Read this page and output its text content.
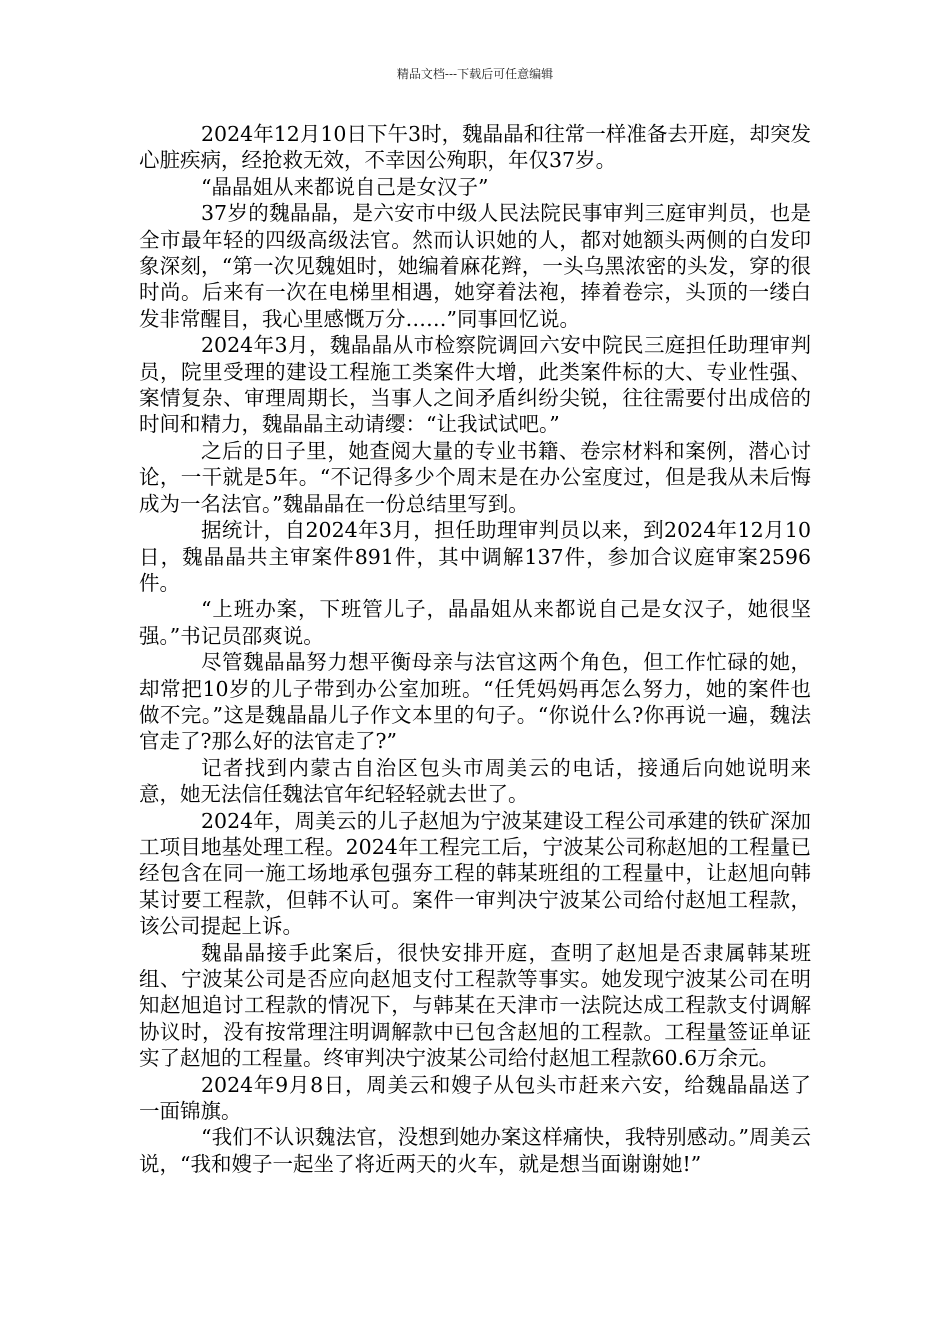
精品文档---下载后可任意编辑

2024年12月10日下午3时，魏晶晶和往常一样准备去开庭，却突发心脏疾病，经抢救无效，不幸因公殉职，年仅37岁。

“晶晶姐从来都说自己是女汉子”

37岁的魏晶晶，是六安市中级人民法院民事审判三庭审判员，也是全市最年轻的四级高级法官。然而认识她的人，都对她额头两侧的白发印象深刻，“第一次见魏姐时，她编着麻花辫，一头乌黑浓密的头发，穿的很时尚。后来有一次在电梯里相遇，她穿着法袍，捧着卷宗，头顶的一缕白发非常醒目，我心里感慨万分……”同事回忆说。

2024年3月，魏晶晶从市检察院调回六安中院民三庭担任助理审判员，院里受理的建设工程施工类案件大增，此类案件标的大、专业性强、案情复杂、审理周期长，当事人之间矛盾纠纷尖锐，往往需要付出成倍的时间和精力，魏晶晶主动请缨：“让我试试吧。”

之后的日子里，她查阅大量的专业书籍、卷宗材料和案例，潜心讨论，一干就是5年。“不记得多少个周末是在办公室度过，但是我从未后悔成为一名法官。”魏晶晶在一份总结里写到。

据统计，自2024年3月，担任助理审判员以来，到2024年12月10日，魏晶晶共主审案件891件，其中调解137件，参加合议庭审案2596件。

“上班办案，下班管儿子，晶晶姐从来都说自己是女汉子，她很坚强。”书记员邵爽说。

尽管魏晶晶努力想平衡母亲与法官这两个角色，但工作忙碌的她，却常把10岁的儿子带到办公室加班。“任凭妈妈再怎么努力，她的案件也做不完。”这是魏晶晶儿子作文本里的句子。“你说什么?你再说一遍，魏法官走了?那么好的法官走了?”

记者找到内蒙古自治区包头市周美云的电话，接通后向她说明来意，她无法信任魏法官年纪轻轻就去世了。

2024年，周美云的儿子赵旭为宁波某建设工程公司承建的铁矿深加工项目地基处理工程。2024年工程完工后，宁波某公司称赵旭的工程量已经包含在同一施工场地承包强夯工程的韩某班组的工程量中，让赵旭向韩某讨要工程款，但韩不认可。案件一审判决宁波某公司给付赵旭工程款，该公司提起上诉。

魏晶晶接手此案后，很快安排开庭，查明了赵旭是否隶属韩某班组、宁波某公司是否应向赵旭支付工程款等事实。她发现宁波某公司在明知赵旭追讨工程款的情况下，与韩某在天津市一法院达成工程款支付调解协议时，没有按常理注明调解款中已包含赵旭的工程款。工程量签证单证实了赵旭的工程量。终审判决宁波某公司给付赵旭工程款60.6万余元。

2024年9月8日，周美云和嫂子从包头市赶来六安，给魏晶晶送了一面锦旗。

“我们不认识魏法官，没想到她办案这样痛快，我特别感动。”周美云说，“我和嫂子一起坐了将近两天的火车，就是想当面谢谢她!”
